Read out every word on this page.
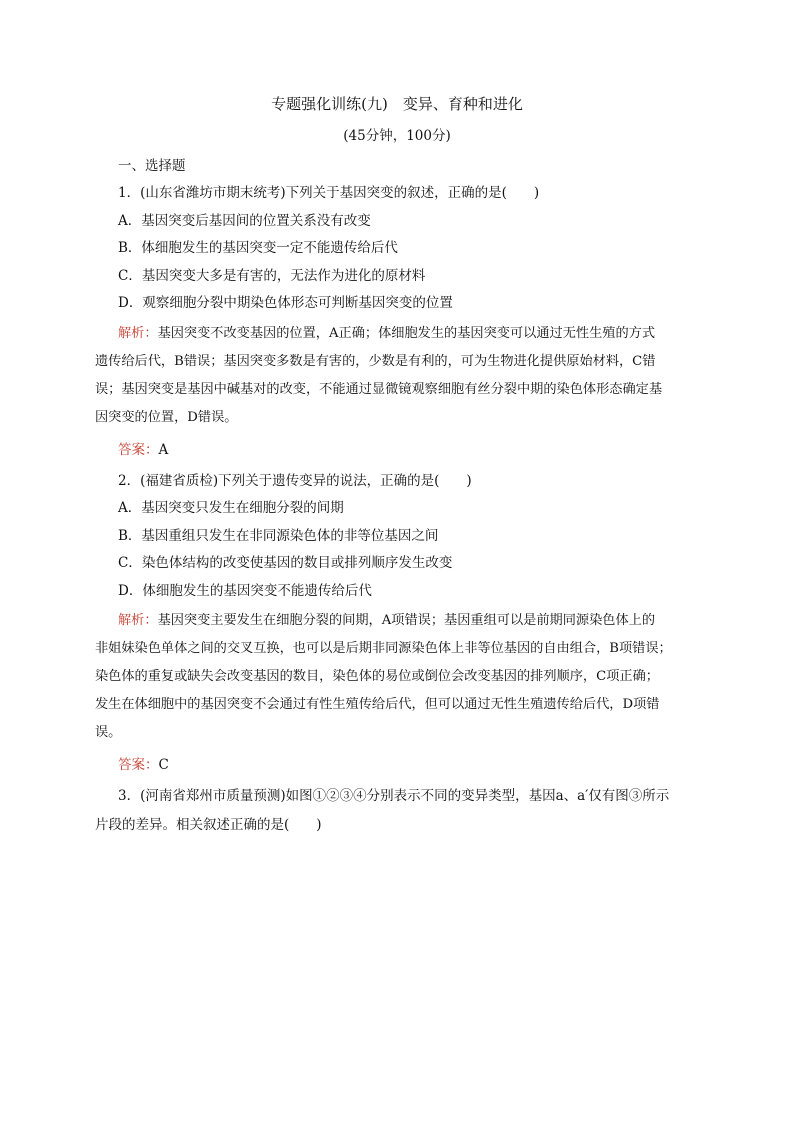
专题强化训练(九)　变异、育种和进化
(45分钟，100分)
一、选择题
1．(山东省潍坊市期末统考)下列关于基因突变的叙述，正确的是(　　)
A．基因突变后基因间的位置关系没有改变
B．体细胞发生的基因突变一定不能遗传给后代
C．基因突变大多是有害的，无法作为进化的原材料
D．观察细胞分裂中期染色体形态可判断基因突变的位置
解析：基因突变不改变基因的位置，A正确；体细胞发生的基因突变可以通过无性生殖的方式
遗传给后代，B错误；基因突变多数是有害的，少数是有利的，可为生物进化提供原始材料，C错
误；基因突变是基因中碱基对的改变，不能通过显微镜观察细胞有丝分裂中期的染色体形态确定基
因突变的位置，D错误。
答案：A
2．(福建省质检)下列关于遗传变异的说法，正确的是(　　)
A．基因突变只发生在细胞分裂的间期
B．基因重组只发生在非同源染色体的非等位基因之间
C．染色体结构的改变使基因的数目或排列顺序发生改变
D．体细胞发生的基因突变不能遗传给后代
解析：基因突变主要发生在细胞分裂的间期，A项错误；基因重组可以是前期同源染色体上的
非姐妹染色单体之间的交叉互换，也可以是后期非同源染色体上非等位基因的自由组合，B项错误；
染色体的重复或缺失会改变基因的数目，染色体的易位或倒位会改变基因的排列顺序，C项正确；
发生在体细胞中的基因突变不会通过有性生殖传给后代，但可以通过无性生殖遗传给后代，D项错
误。
答案：C
3．(河南省郑州市质量预测)如图①②③④分别表示不同的变异类型，基因a、a′仅有图③所示
片段的差异。相关叙述正确的是(　　)
